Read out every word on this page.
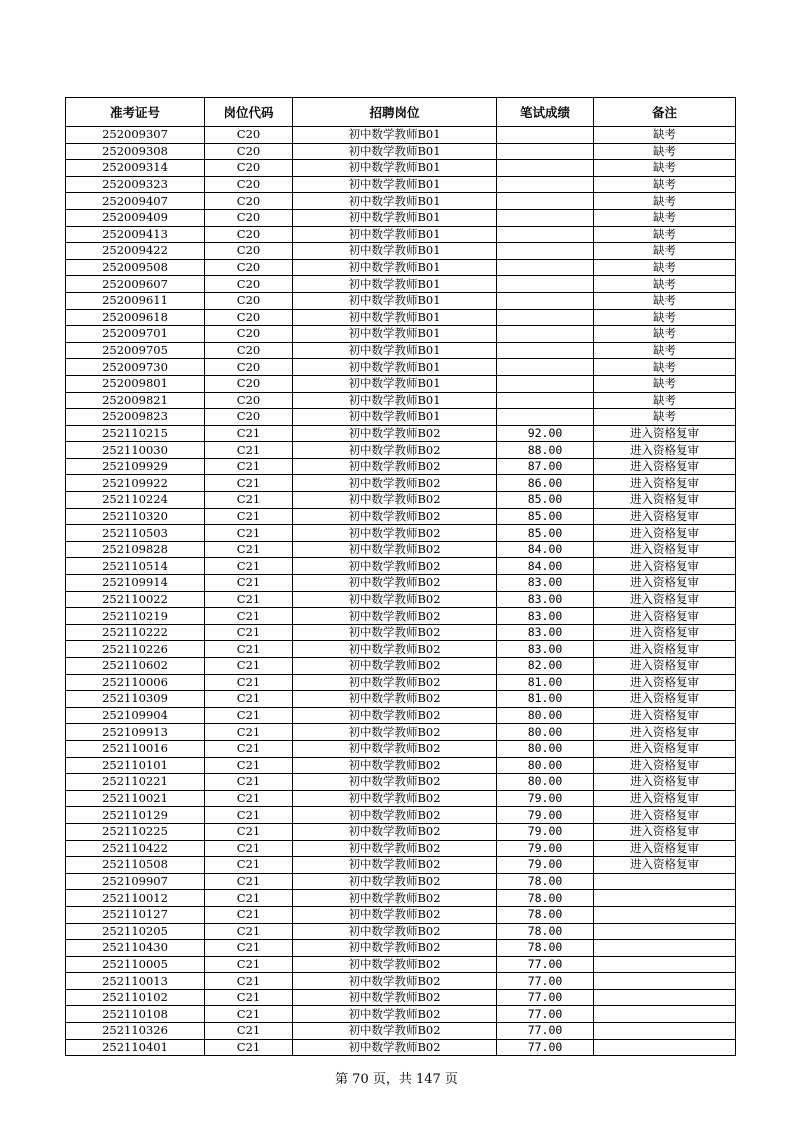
准考证号	岗位代码	招聘岗位	笔试成绩	备注
252009307	C20	初中数学教师B01		缺考
252009308	C20	初中数学教师B01		缺考
252009314	C20	初中数学教师B01		缺考
252009323	C20	初中数学教师B01		缺考
252009407	C20	初中数学教师B01		缺考
252009409	C20	初中数学教师B01		缺考
252009413	C20	初中数学教师B01		缺考
252009422	C20	初中数学教师B01		缺考
252009508	C20	初中数学教师B01		缺考
252009607	C20	初中数学教师B01		缺考
252009611	C20	初中数学教师B01		缺考
252009618	C20	初中数学教师B01		缺考
252009701	C20	初中数学教师B01		缺考
252009705	C20	初中数学教师B01		缺考
252009730	C20	初中数学教师B01		缺考
252009801	C20	初中数学教师B01		缺考
252009821	C20	初中数学教师B01		缺考
252009823	C20	初中数学教师B01		缺考
252110215	C21	初中数学教师B02	92.00	进入资格复审
252110030	C21	初中数学教师B02	88.00	进入资格复审
252109929	C21	初中数学教师B02	87.00	进入资格复审
252109922	C21	初中数学教师B02	86.00	进入资格复审
252110224	C21	初中数学教师B02	85.00	进入资格复审
252110320	C21	初中数学教师B02	85.00	进入资格复审
252110503	C21	初中数学教师B02	85.00	进入资格复审
252109828	C21	初中数学教师B02	84.00	进入资格复审
252110514	C21	初中数学教师B02	84.00	进入资格复审
252109914	C21	初中数学教师B02	83.00	进入资格复审
252110022	C21	初中数学教师B02	83.00	进入资格复审
252110219	C21	初中数学教师B02	83.00	进入资格复审
252110222	C21	初中数学教师B02	83.00	进入资格复审
252110226	C21	初中数学教师B02	83.00	进入资格复审
252110602	C21	初中数学教师B02	82.00	进入资格复审
252110006	C21	初中数学教师B02	81.00	进入资格复审
252110309	C21	初中数学教师B02	81.00	进入资格复审
252109904	C21	初中数学教师B02	80.00	进入资格复审
252109913	C21	初中数学教师B02	80.00	进入资格复审
252110016	C21	初中数学教师B02	80.00	进入资格复审
252110101	C21	初中数学教师B02	80.00	进入资格复审
252110221	C21	初中数学教师B02	80.00	进入资格复审
252110021	C21	初中数学教师B02	79.00	进入资格复审
252110129	C21	初中数学教师B02	79.00	进入资格复审
252110225	C21	初中数学教师B02	79.00	进入资格复审
252110422	C21	初中数学教师B02	79.00	进入资格复审
252110508	C21	初中数学教师B02	79.00	进入资格复审
252109907	C21	初中数学教师B02	78.00	
252110012	C21	初中数学教师B02	78.00	
252110127	C21	初中数学教师B02	78.00	
252110205	C21	初中数学教师B02	78.00	
252110430	C21	初中数学教师B02	78.00	
252110005	C21	初中数学教师B02	77.00	
252110013	C21	初中数学教师B02	77.00	
252110102	C21	初中数学教师B02	77.00	
252110108	C21	初中数学教师B02	77.00	
252110326	C21	初中数学教师B02	77.00	
252110401	C21	初中数学教师B02	77.00	
第 70 页，共 147 页
